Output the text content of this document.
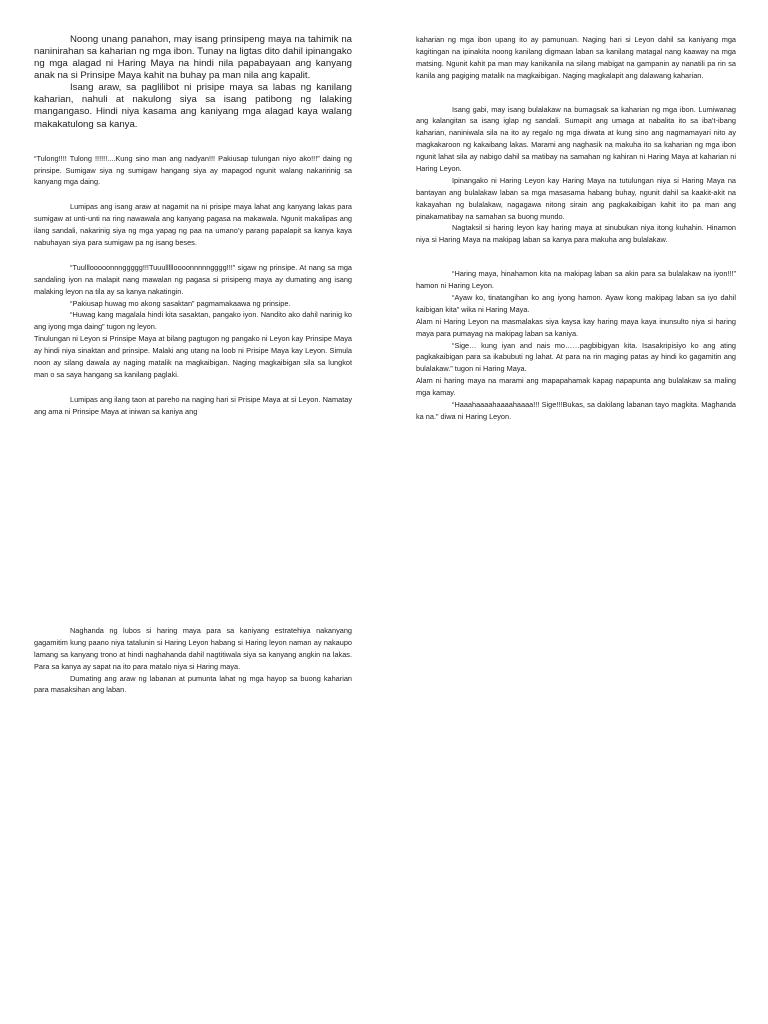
Noong unang panahon, may isang prinsipeng maya na tahimik na naninirahan sa kaharian ng mga ibon. Tunay na ligtas dito dahil ipinangako ng mga alagad ni Haring Maya na hindi nila papabayaan ang kanyang anak na si Prinsipe Maya kahit na buhay pa man nila ang kapalit.

Isang araw, sa paglilibot ni prisipe maya sa labas ng kanilang kaharian, nahuli at nakulong siya sa isang patibong ng lalaking mangangaso. Hindi niya kasama ang kaniyang mga alagad kaya walang makakatulong sa kanya.

“Tulong!!!! Tulong !!!!!!....Kung sino man ang nadyan!!! Pakiusap tulungan niyo ako!!!” daing ng prinsipe. Sumigaw siya ng sumigaw hangang siya ay mapagod ngunit walang nakaririnig sa kanyang mga daing.

Lumipas ang isang araw at nagamit na ni prisipe maya lahat ang kanyang lakas para sumigaw at unti-unti na ring nawawala ang kanyang pagasa na makawala. Ngunit makalipas ang ilang sandali, nakarinig siya ng mga yapag ng paa na umano’y parang papalapit sa kanya kaya nabuhayan siya para sumigaw pa ng isang beses.

“Tuulllooooonnnggggg!!!Tuuullllloooonnnnngggg!!!” sigaw ng prinsipe. At nang sa mga sandaling iyon na malapit nang mawalan ng pagasa si prisipeng maya ay dumating ang isang malaking leyon na tila ay sa kanya nakatingin.

“Pakiusap huwag mo akong sasaktan” pagmamakaawa ng prinsipe.

“Huwag kang magalala hindi kita sasaktan, pangako iyon. Nandito ako dahil narinig ko ang iyong mga daing” tugon ng leyon.

Tinulungan ni Leyon si Prinsipe Maya at bilang pagtugon ng pangako ni Leyon kay Prinsipe Maya ay hindi niya sinaktan and prinsipe. Malaki ang utang na loob ni Prisipe Maya kay Leyon. Simula noon ay silang dawala ay naging matalik na magkaibigan. Naging magkaibigan sila sa lungkot man o sa saya hangang sa kanilang paglaki.

Lumipas ang ilang taon at pareho na naging hari si Prisipe Maya at si Leyon. Namatay ang ama ni Prinsipe Maya at iniwan sa kaniya ang

Naghanda ng lubos si haring maya para sa kaniyang estratehiya nakanyang gagamitim kung paano niya tatalunin si Haring Leyon habang si Haring leyon naman ay nakaupo lamang sa kanyang trono at hindi naghahanda dahil nagtitiwala siya sa kanyang angkin na lakas. Para sa kanya ay sapat na ito para matalo niya si Haring maya.

Dumating ang araw ng labanan at pumunta lahat ng mga hayop sa buong kaharian para masaksihan ang laban.

kaharian ng mga ibon upang ito ay pamunuan. Naging hari si Leyon dahil sa kaniyang mga kagitingan na ipinakita noong kanilang digmaan laban sa kanilang matagal nang kaaway na mga matsing. Ngunit kahit pa man may kanikanila na silang mabigat na gampanin ay nanatili pa rin sa kanila ang pagiging matalik na magkaibigan. Naging magkalapit ang dalawang kaharian.

Isang gabi, may isang bulalakaw na bumagsak sa kaharian ng mga ibon. Lumiwanag ang kalangitan sa isang iglap ng sandali. Sumapit ang umaga at nabalita ito sa iba’t-ibang kaharian, naniniwala sila na ito ay regalo ng mga diwata at kung sino ang nagmamayari nito ay magkakaroon ng kakaibang lakas. Marami ang naghasik na makuha ito sa kaharian ng mga ibon ngunit lahat sila ay nabigo dahil sa matibay na samahan ng kahiran ni Haring Maya at kaharian ni Haring Leyon.

Ipinangako ni Haring Leyon kay Haring Maya na tutulungan niya si Haring Maya na bantayan ang bulalakaw laban sa mga masasama habang buhay, ngunit dahil sa kaakit-akit na kakayahan ng bulalakaw, nagagawa nitong sirain ang pagkakaibigan kahit ito pa man ang pinakamatibay na samahan sa buong mundo.

Nagtaksil si haring leyon kay haring maya at sinubukan niya itong kuhahin. Hinamon niya si Haring Maya na makipag laban sa kanya para makuha ang bulalakaw.

“Haring maya, hinahamon kita na makipag laban sa akin para sa bulalakaw na iyon!!!” hamon ni Haring Leyon.

“Ayaw ko, tinatangihan ko ang iyong hamon. Ayaw kong makipag laban sa iyo dahil kaibigan kita” wika ni Haring Maya.

Alam ni Haring Leyon na masmalakas siya kaysa kay haring maya kaya inunsulto niya si haring maya para pumayag na makipag laban sa kaniya.

“Sige… kung iyan and nais mo……pagbibigyan kita. Isasakripisiyo ko ang ating pagkakaibigan para sa ikabubuti ng lahat. At para na rin maging patas ay hindi ko gagamitin ang bulalakaw.” tugon ni Haring Maya.

Alam ni haring maya na marami ang mapapahamak kapag napapunta ang bulalakaw sa maling mga kamay.

“Haaahaaaahaaaahaaaa!!! Sige!!!Bukas, sa dakilang labanan tayo magkita. Maghanda ka na.” diwa ni Haring Leyon.
